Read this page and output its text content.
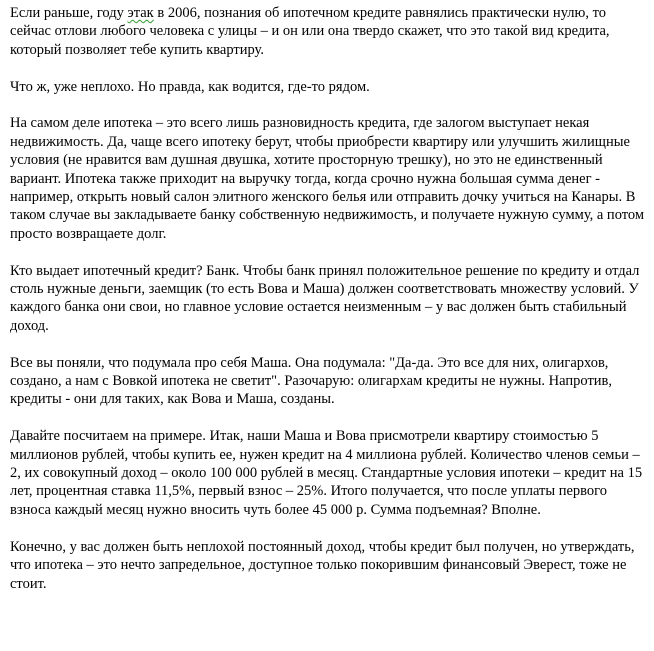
Если раньше, году этак в 2006, познания об ипотечном кредите равнялись практически нулю, то сейчас отлови любого человека с улицы – и он или она твердо скажет, что это такой вид кредита, который позволяет тебе купить квартиру.

Что ж, уже неплохо. Но правда, как водится, где-то рядом.

На самом деле ипотека – это всего лишь разновидность кредита, где залогом выступает некая недвижимость. Да, чаще всего ипотеку берут, чтобы приобрести квартиру или улучшить жилищные условия (не нравится вам душная двушка, хотите просторную трешку), но это не единственный вариант. Ипотека также приходит на выручку тогда, когда срочно нужна большая сумма денег - например, открыть новый салон элитного женского белья или отправить дочку учиться на Канары. В таком случае вы закладываете банку собственную недвижимость, и получаете нужную сумму, а потом просто возвращаете долг.

Кто выдает ипотечный кредит? Банк. Чтобы банк принял положительное решение по кредиту и отдал столь нужные деньги, заемщик (то есть Вова и Маша) должен соответствовать множеству условий. У каждого банка они свои, но главное условие остается неизменным – у вас должен быть стабильный доход.

Все вы поняли, что подумала про себя Маша. Она подумала: "Да-да. Это все для них, олигархов, создано, а нам с Вовкой ипотека не светит". Разочарую: олигархам кредиты не нужны. Напротив, кредиты - они для таких, как Вова и Маша, созданы.

Давайте посчитаем на примере. Итак, наши Маша и Вова присмотрели квартиру стоимостью 5 миллионов рублей, чтобы купить ее, нужен кредит на 4 миллиона рублей. Количество членов семьи – 2, их совокупный доход – около 100 000 рублей в месяц. Стандартные условия ипотеки – кредит на 15 лет, процентная ставка 11,5%, первый взнос – 25%. Итого получается, что после уплаты первого взноса каждый месяц нужно вносить чуть более 45 000 р. Сумма подъемная? Вполне.

Конечно, у вас должен быть неплохой постоянный доход, чтобы кредит был получен, но утверждать, что ипотека – это нечто запредельное, доступное только покорившим финансовый Эверест, тоже не стоит.
